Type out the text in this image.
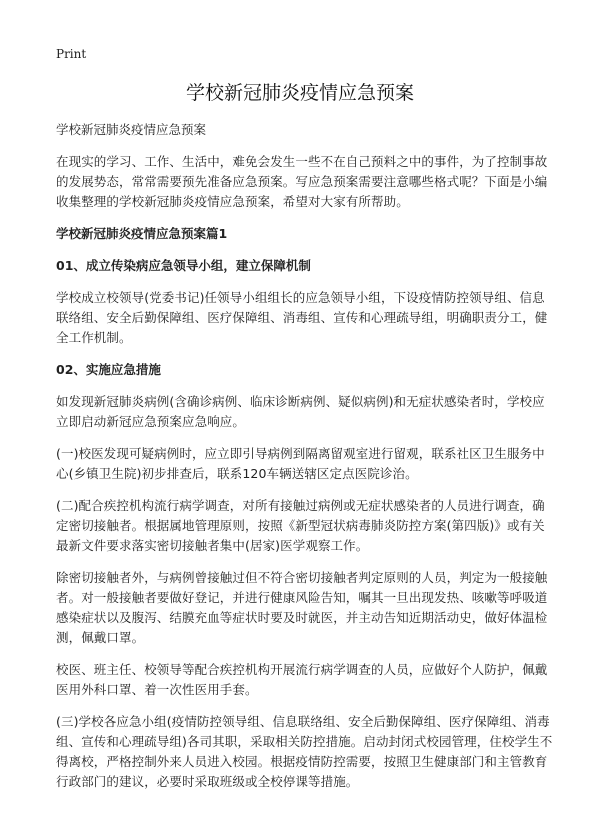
Print
学校新冠肺炎疫情应急预案
学校新冠肺炎疫情应急预案

在现实的学习、工作、生活中，难免会发生一些不在自己预料之中的事件，为了控制事故的发展势态，常常需要预先准备应急预案。写应急预案需要注意哪些格式呢？下面是小编收集整理的学校新冠肺炎疫情应急预案，希望对大家有所帮助。

学校新冠肺炎疫情应急预案篇1
01、成立传染病应急领导小组，建立保障机制

学校成立校领导(党委书记)任领导小组组长的应急领导小组，下设疫情防控领导组、信息联络组、安全后勤保障组、医疗保障组、消毒组、宣传和心理疏导组，明确职责分工，健全工作机制。

02、实施应急措施

如发现新冠肺炎病例(含确诊病例、临床诊断病例、疑似病例)和无症状感染者时，学校应立即启动新冠应急预案应急响应。

(一)校医发现可疑病例时，应立即引导病例到隔离留观室进行留观，联系社区卫生服务中心(乡镇卫生院)初步排查后，联系120车辆送辖区定点医院诊治。

(二)配合疾控机构流行病学调查，对所有接触过病例或无症状感染者的人员进行调查，确定密切接触者。根据属地管理原则，按照《新型冠状病毒肺炎防控方案(第四版)》或有关最新文件要求落实密切接触者集中(居家)医学观察工作。

除密切接触者外，与病例曾接触过但不符合密切接触者判定原则的人员，判定为一般接触者。对一般接触者要做好登记，并进行健康风险告知，嘱其一旦出现发热、咳嗽等呼吸道感染症状以及腹泻、结膜充血等症状时要及时就医，并主动告知近期活动史，做好体温检测，佩戴口罩。

校医、班主任、校领导等配合疾控机构开展流行病学调查的人员，应做好个人防护，佩戴医用外科口罩、着一次性医用手套。

(三)学校各应急小组(疫情防控领导组、信息联络组、安全后勤保障组、医疗保障组、消毒组、宣传和心理疏导组)各司其职，采取相关防控措施。启动封闭式校园管理，住校学生不得离校，严格控制外来人员进入校园。根据疫情防控需要，按照卫生健康部门和主管教育行政部门的建议，必要时采取班级或全校停课等措施。
